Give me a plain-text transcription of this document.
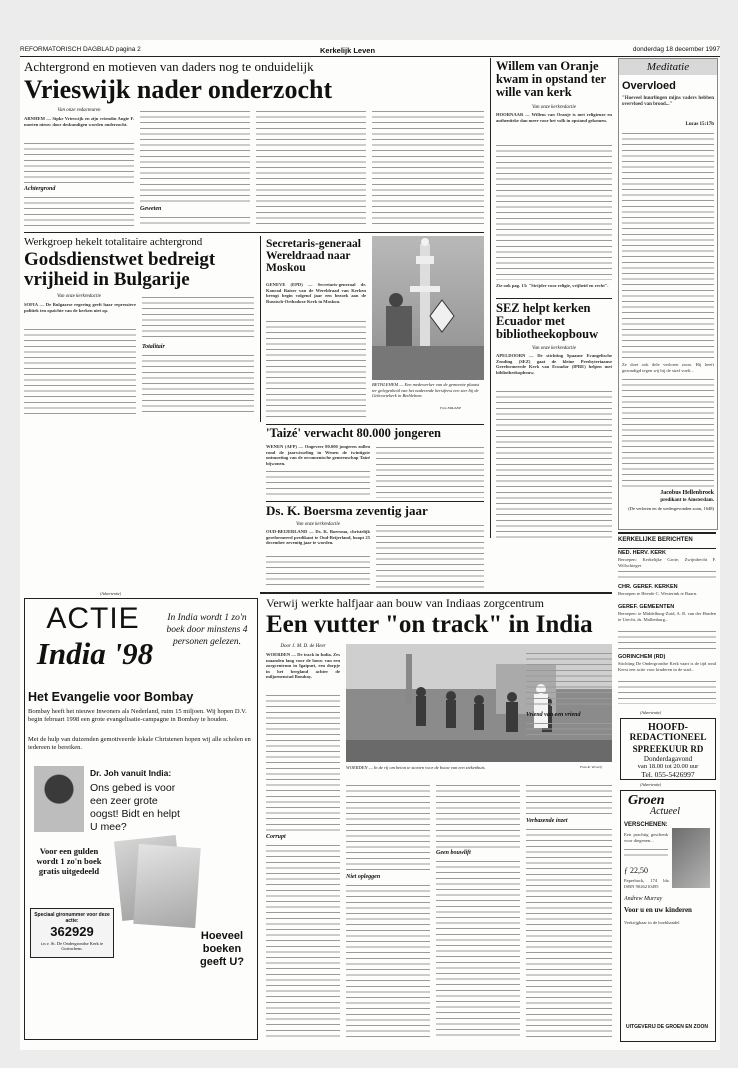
REFORMATORISCH DAGBLAD pagina 2	Kerkelijk Leven	donderdag 18 december 1997
Achtergrond en motieven van daders nog te onduidelijk
Vrieswijk nader onderzocht
Van onze redacteuren
ARNHEM — Sipke Vrieswijk en zijn vriendin Angie F. moeten nieuw door deskundigen worden onderzocht.
Achtergrond
Geweten
Werkgroep hekelt totalitaire achtergrond
Godsdienstwet bedreigt vrijheid in Bulgarije
Van onze kerkredactie
SOFIA — De Bulgaarse regering geeft haar repressieve politiek ten opzichte van de kerken niet op.
Totalitair
Secretaris-generaal Wereldraad naar Moskou
GENEVE (EPD) — Secretaris-generaal dr. Konrad Raiser van de Wereldraad van Kerken brengt begin volgend jaar een bezoek aan de Russisch-Orthodoxe Kerk in Moskou.
BETHLEHEM — Een medewerker van de gemeente plaatst ter gelegenheid van het naderende kerstfeest een ster bij de Geboortekerk in Bethlehem.
Foto EPA/ANP
'Taizé' verwacht 80.000 jongeren
WENEN (AFP) — Ongeveer 80.000 jongeren zullen rond de jaarwisseling in Wenen de twintigste ontmoeting van de oecumenische gemeenschap Taizé bijwonen.
Ds. K. Boersma zeventig jaar
Van onze kerkredactie
OUD-BEIJERLAND — Ds. K. Boersma, christelijk gereformeerd predikant te Oud-Beijerland, hoopt 25 december zeventig jaar te worden.
Willem van Oranje kwam in opstand ter wille van kerk
Van onze kerkredactie
HOORNAAR — Willem van Oranje is met religieuze en authentieke dan meer voor het volk in opstand gekomen.
Zie ook pag. 13: "Strijder voor religie, vrijheid en recht".
SEZ helpt kerken Ecuador met bibliotheekopbouw
Van onze kerkredactie
APELDOORN — De stichting Spaanse Evangelische Zending (SEZ) gaat de kleine Presbyteriaanse Gereformeerde Kerk van Ecuador (IPRE) helpen met bibliotheekopbouw.
Meditatie
Overvloed
"Hoeveel huurlingen mijns vaders hebben overvloed van brood..."
Lucas 15:17b
Ze doet ook dele verloren zoon. Hij heeft gezondigd tegen wij bij de straf voelt...
Jacobus Hellenbroek
predikant te Amsterdam.
(De verloren en de wedergevonden zoon, 1648)
KERKELIJKE BERICHTEN
NED. HERV. KERK
Beroepen: Kerkelijke Grote, Zwijndrecht F. Willschieger
CHR. GEREF. KERKEN
Beroepen te Heerde C. Westerink te Baarn.
GEREF. GEMEENTEN
Beroepen: te Middelburg-Zuid, A. R. van der Harden te Urecht, ds. Mallenburg...
GORINCHEM (RD)
Stichting De Ondergrondse Kerk vaart is de tijd rond Kerst een actie voor kinderen in de stad...
(Advertentie)
HOOFD-
REDACTIONEEL
SPREEKUUR RD
Donderdagavond
van 18.00 tot 20.00 uur
Tel. 055-5426997
(Advertentie)
Groen
Actueel
VERSCHENEN:
Een prachtig geschenk voor diegenen...
ƒ 22,50
Paperback, 174 blz. ISBN 9026210495
Andrew Murray
Voor u en uw kinderen
Verkrijgbaar in de boekhandel
UITGEVERIJ DE GROEN EN ZOON
(Advertentie)
ACTIE
India '98
In India wordt 1 zo'n boek door minstens 4 personen gelezen.
Het Evangelie voor Bombay
Bombay heeft het nieuwe Inwoners als Nederland, ruim 15 miljoen. Wij hopen D.V. begin februari 1998 een grote evangelisatie-campagne in Bombay te houden.
Met de hulp van duizenden gemotiveerde lokale Christenen hopen wij alle scholen en iedereen te bereiken.
Dr. Joh vanuit India:
Ons gebed is voor een zeer grote oogst! Bidt en helpt U mee?
Voor een gulden wordt 1 zo'n boek gratis uitgedeeld
Speciaal gironummer voor deze actie:
362929
t.n.v. St. De Ondergrondse Kerk te Gorinchem.
Hoeveel boeken geeft U?
Verwij werkte halfjaar aan bouw van Indiaas zorgcentrum
Een vutter "on track" in India
Door J. M. D. de Heer
WOERDEN — De track in India. Zes maanden lang voor de bouw van een zorgcentrum in Igatpuri, een dorpje in het bergland achter de miljoenenstad Bombay.
Corrupt
WOERDEN — In de rij om beton te storten voor de bouw van een ziekenhuis.	Foto R. Verweij
Niet opleggen
Geen bouwlift
Vriend van een vriend
Verbazende inzet
